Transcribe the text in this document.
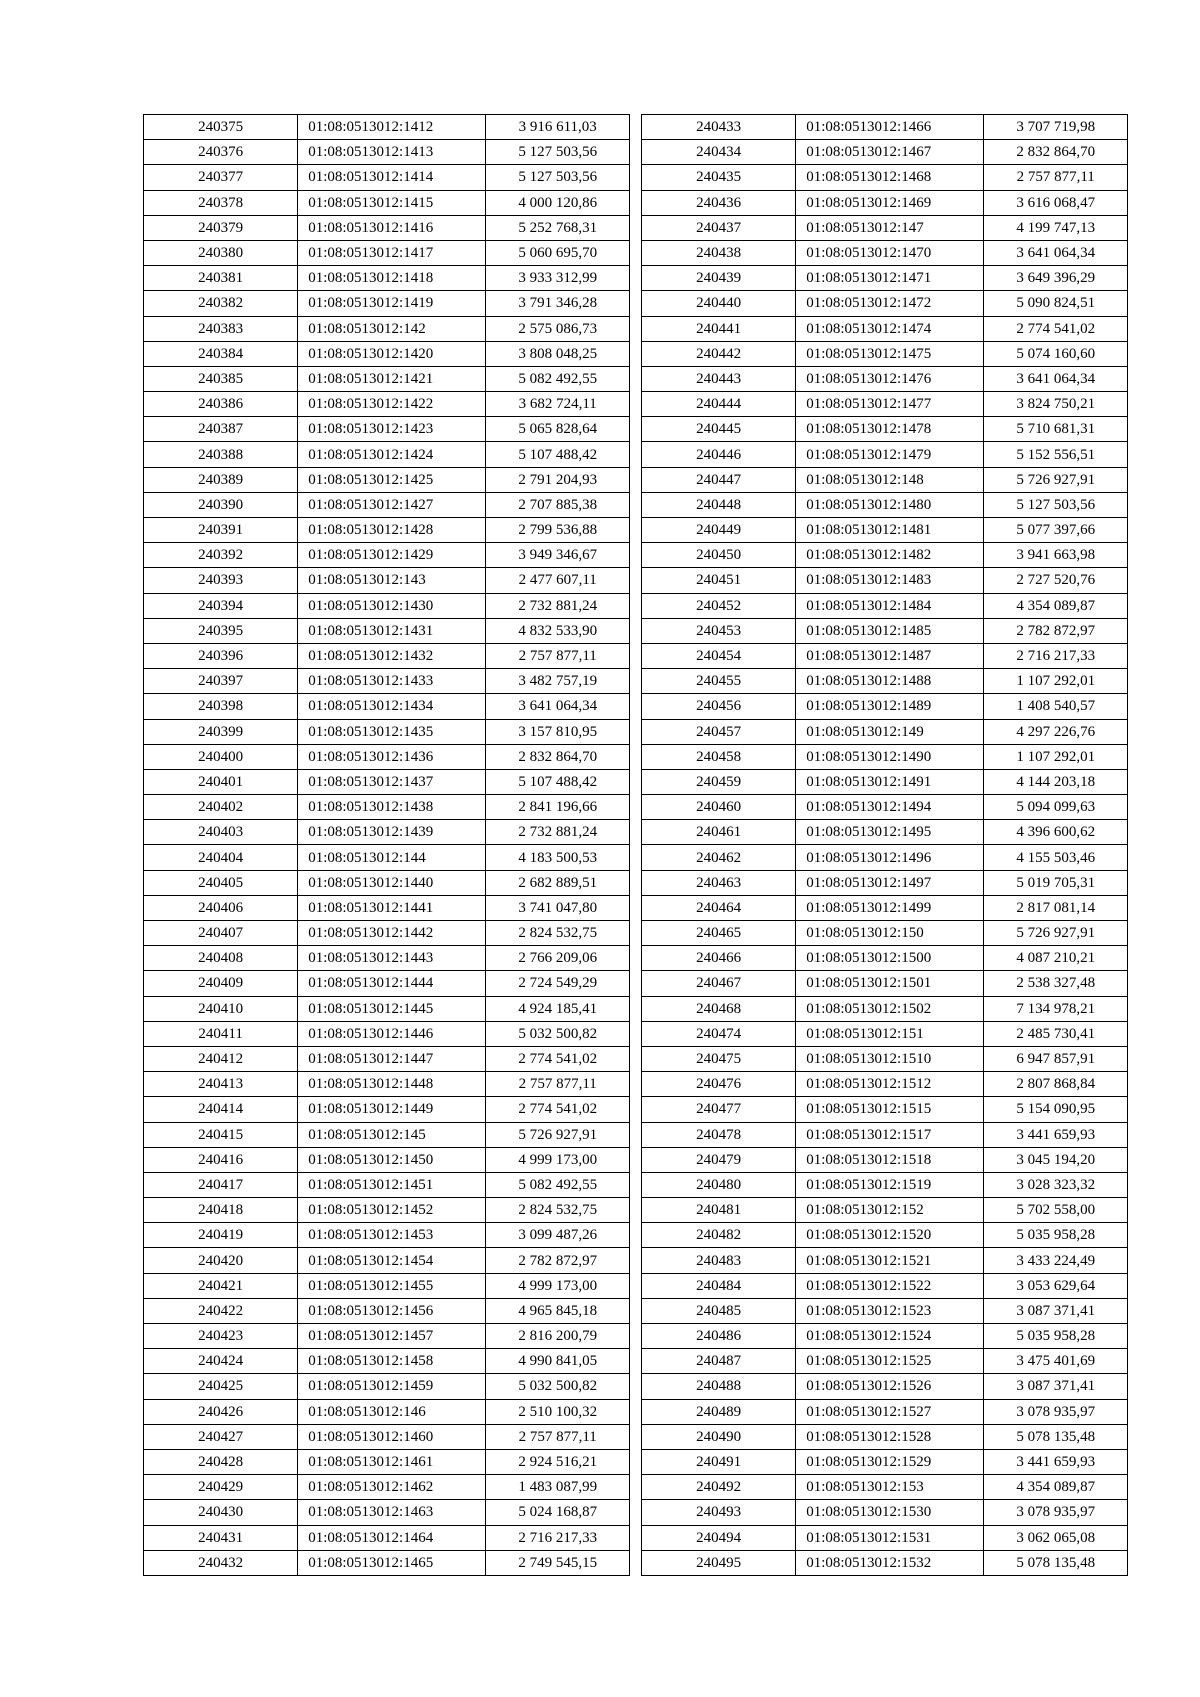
240375	01:08:0513012:1412	3 916 611,03
240376	01:08:0513012:1413	5 127 503,56
240377	01:08:0513012:1414	5 127 503,56
240378	01:08:0513012:1415	4 000 120,86
240379	01:08:0513012:1416	5 252 768,31
240380	01:08:0513012:1417	5 060 695,70
240381	01:08:0513012:1418	3 933 312,99
240382	01:08:0513012:1419	3 791 346,28
240383	01:08:0513012:142	2 575 086,73
240384	01:08:0513012:1420	3 808 048,25
240385	01:08:0513012:1421	5 082 492,55
240386	01:08:0513012:1422	3 682 724,11
240387	01:08:0513012:1423	5 065 828,64
240388	01:08:0513012:1424	5 107 488,42
240389	01:08:0513012:1425	2 791 204,93
240390	01:08:0513012:1427	2 707 885,38
240391	01:08:0513012:1428	2 799 536,88
240392	01:08:0513012:1429	3 949 346,67
240393	01:08:0513012:143	2 477 607,11
240394	01:08:0513012:1430	2 732 881,24
240395	01:08:0513012:1431	4 832 533,90
240396	01:08:0513012:1432	2 757 877,11
240397	01:08:0513012:1433	3 482 757,19
240398	01:08:0513012:1434	3 641 064,34
240399	01:08:0513012:1435	3 157 810,95
240400	01:08:0513012:1436	2 832 864,70
240401	01:08:0513012:1437	5 107 488,42
240402	01:08:0513012:1438	2 841 196,66
240403	01:08:0513012:1439	2 732 881,24
240404	01:08:0513012:144	4 183 500,53
240405	01:08:0513012:1440	2 682 889,51
240406	01:08:0513012:1441	3 741 047,80
240407	01:08:0513012:1442	2 824 532,75
240408	01:08:0513012:1443	2 766 209,06
240409	01:08:0513012:1444	2 724 549,29
240410	01:08:0513012:1445	4 924 185,41
240411	01:08:0513012:1446	5 032 500,82
240412	01:08:0513012:1447	2 774 541,02
240413	01:08:0513012:1448	2 757 877,11
240414	01:08:0513012:1449	2 774 541,02
240415	01:08:0513012:145	5 726 927,91
240416	01:08:0513012:1450	4 999 173,00
240417	01:08:0513012:1451	5 082 492,55
240418	01:08:0513012:1452	2 824 532,75
240419	01:08:0513012:1453	3 099 487,26
240420	01:08:0513012:1454	2 782 872,97
240421	01:08:0513012:1455	4 999 173,00
240422	01:08:0513012:1456	4 965 845,18
240423	01:08:0513012:1457	2 816 200,79
240424	01:08:0513012:1458	4 990 841,05
240425	01:08:0513012:1459	5 032 500,82
240426	01:08:0513012:146	2 510 100,32
240427	01:08:0513012:1460	2 757 877,11
240428	01:08:0513012:1461	2 924 516,21
240429	01:08:0513012:1462	1 483 087,99
240430	01:08:0513012:1463	5 024 168,87
240431	01:08:0513012:1464	2 716 217,33
240432	01:08:0513012:1465	2 749 545,15
240433	01:08:0513012:1466	3 707 719,98
240434	01:08:0513012:1467	2 832 864,70
240435	01:08:0513012:1468	2 757 877,11
240436	01:08:0513012:1469	3 616 068,47
240437	01:08:0513012:147	4 199 747,13
240438	01:08:0513012:1470	3 641 064,34
240439	01:08:0513012:1471	3 649 396,29
240440	01:08:0513012:1472	5 090 824,51
240441	01:08:0513012:1474	2 774 541,02
240442	01:08:0513012:1475	5 074 160,60
240443	01:08:0513012:1476	3 641 064,34
240444	01:08:0513012:1477	3 824 750,21
240445	01:08:0513012:1478	5 710 681,31
240446	01:08:0513012:1479	5 152 556,51
240447	01:08:0513012:148	5 726 927,91
240448	01:08:0513012:1480	5 127 503,56
240449	01:08:0513012:1481	5 077 397,66
240450	01:08:0513012:1482	3 941 663,98
240451	01:08:0513012:1483	2 727 520,76
240452	01:08:0513012:1484	4 354 089,87
240453	01:08:0513012:1485	2 782 872,97
240454	01:08:0513012:1487	2 716 217,33
240455	01:08:0513012:1488	1 107 292,01
240456	01:08:0513012:1489	1 408 540,57
240457	01:08:0513012:149	4 297 226,76
240458	01:08:0513012:1490	1 107 292,01
240459	01:08:0513012:1491	4 144 203,18
240460	01:08:0513012:1494	5 094 099,63
240461	01:08:0513012:1495	4 396 600,62
240462	01:08:0513012:1496	4 155 503,46
240463	01:08:0513012:1497	5 019 705,31
240464	01:08:0513012:1499	2 817 081,14
240465	01:08:0513012:150	5 726 927,91
240466	01:08:0513012:1500	4 087 210,21
240467	01:08:0513012:1501	2 538 327,48
240468	01:08:0513012:1502	7 134 978,21
240474	01:08:0513012:151	2 485 730,41
240475	01:08:0513012:1510	6 947 857,91
240476	01:08:0513012:1512	2 807 868,84
240477	01:08:0513012:1515	5 154 090,95
240478	01:08:0513012:1517	3 441 659,93
240479	01:08:0513012:1518	3 045 194,20
240480	01:08:0513012:1519	3 028 323,32
240481	01:08:0513012:152	5 702 558,00
240482	01:08:0513012:1520	5 035 958,28
240483	01:08:0513012:1521	3 433 224,49
240484	01:08:0513012:1522	3 053 629,64
240485	01:08:0513012:1523	3 087 371,41
240486	01:08:0513012:1524	5 035 958,28
240487	01:08:0513012:1525	3 475 401,69
240488	01:08:0513012:1526	3 087 371,41
240489	01:08:0513012:1527	3 078 935,97
240490	01:08:0513012:1528	5 078 135,48
240491	01:08:0513012:1529	3 441 659,93
240492	01:08:0513012:153	4 354 089,87
240493	01:08:0513012:1530	3 078 935,97
240494	01:08:0513012:1531	3 062 065,08
240495	01:08:0513012:1532	5 078 135,48
